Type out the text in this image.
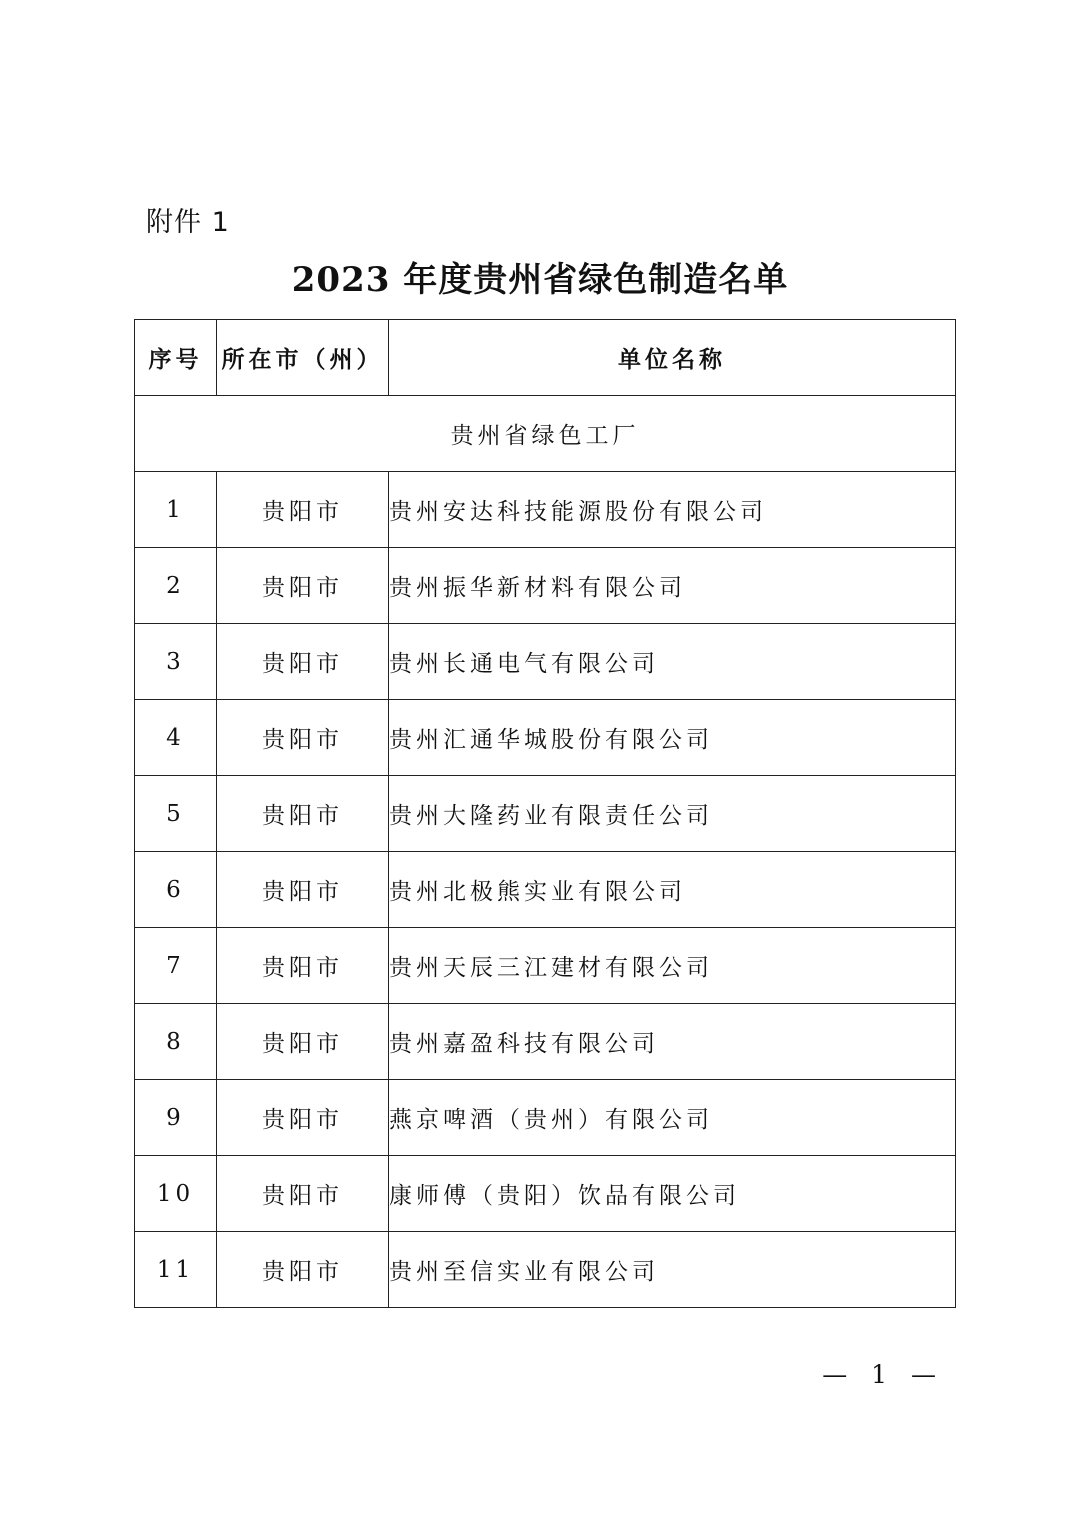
附件 1
2023 年度贵州省绿色制造名单
序号	所在市（州）	单位名称
贵州省绿色工厂		
1	贵阳市	贵州安达科技能源股份有限公司
2	贵阳市	贵州振华新材料有限公司
3	贵阳市	贵州长通电气有限公司
4	贵阳市	贵州汇通华城股份有限公司
5	贵阳市	贵州大隆药业有限责任公司
6	贵阳市	贵州北极熊实业有限公司
7	贵阳市	贵州天辰三江建材有限公司
8	贵阳市	贵州嘉盈科技有限公司
9	贵阳市	燕京啤酒（贵州）有限公司
10	贵阳市	康师傅（贵阳）饮品有限公司
11	贵阳市	贵州至信实业有限公司
— 1 —
